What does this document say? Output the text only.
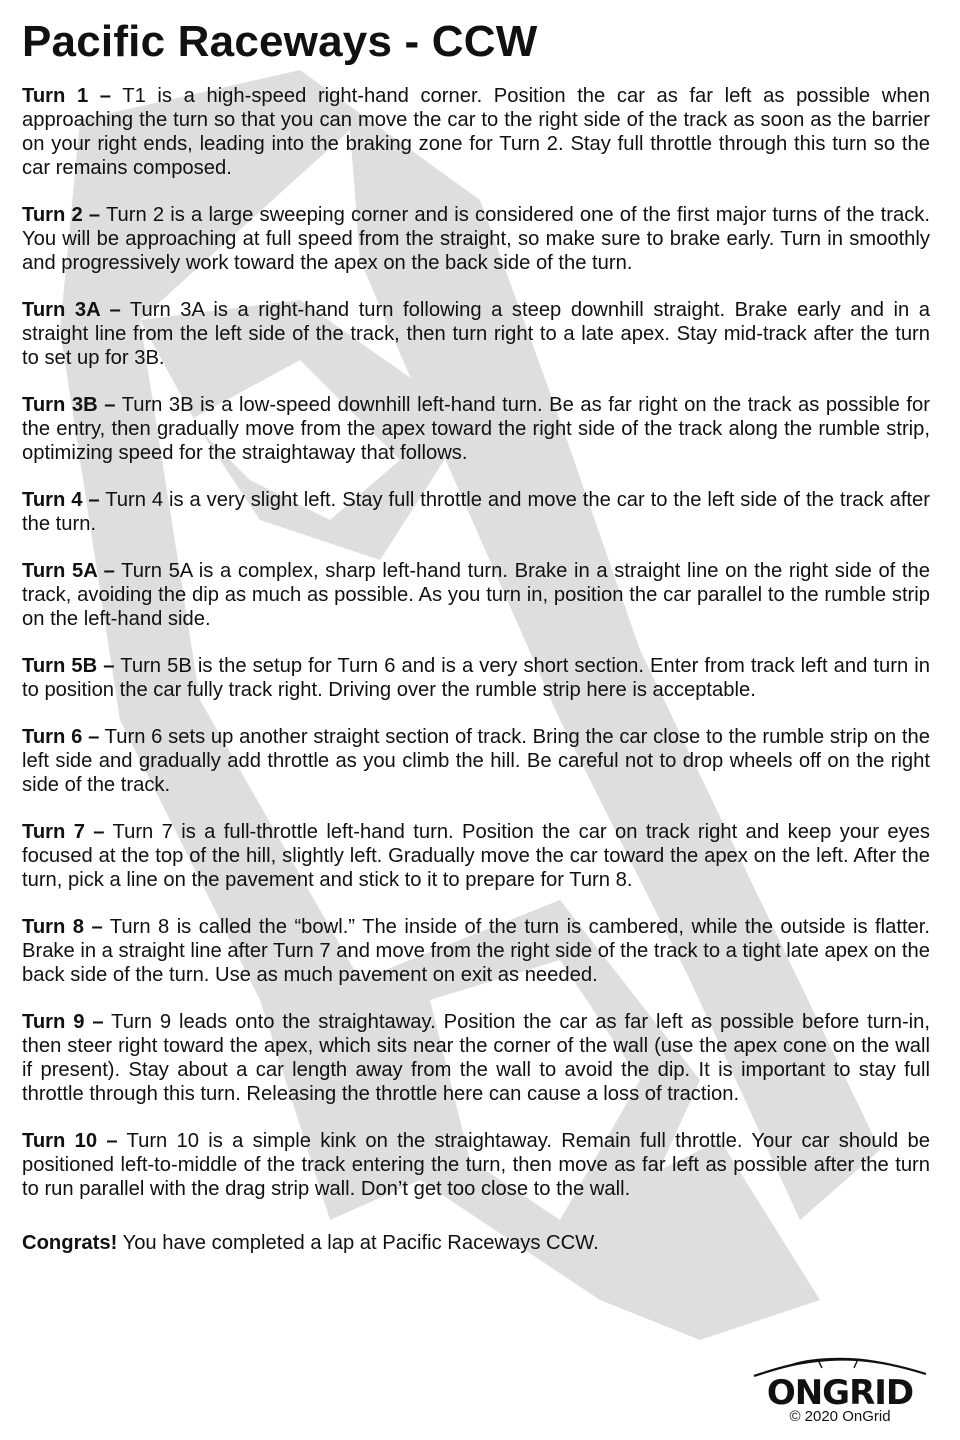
Pacific Raceways - CCW

Turn 1 – T1 is a high-speed right-hand corner. Position the car as far left as possible when approaching the turn so that you can move the car to the right side of the track as soon as the barrier on your right ends, leading into the braking zone for Turn 2. Stay full throttle through this turn so the car remains composed.

Turn 2 – Turn 2 is a large sweeping corner and is considered one of the first major turns of the track. You will be approaching at full speed from the straight, so make sure to brake early. Turn in smoothly and progressively work toward the apex on the back side of the turn.

Turn 3A – Turn 3A is a right-hand turn following a steep downhill straight. Brake early and in a straight line from the left side of the track, then turn right to a late apex. Stay mid-track after the turn to set up for 3B.

Turn 3B – Turn 3B is a low-speed downhill left-hand turn. Be as far right on the track as possible for the entry, then gradually move from the apex toward the right side of the track along the rumble strip, optimizing speed for the straightaway that follows.

Turn 4 – Turn 4 is a very slight left. Stay full throttle and move the car to the left side of the track after the turn.

Turn 5A – Turn 5A is a complex, sharp left-hand turn. Brake in a straight line on the right side of the track, avoiding the dip as much as possible. As you turn in, position the car parallel to the rumble strip on the left-hand side.

Turn 5B – Turn 5B is the setup for Turn 6 and is a very short section. Enter from track left and turn in to position the car fully track right. Driving over the rumble strip here is acceptable.

Turn 6 – Turn 6 sets up another straight section of track. Bring the car close to the rumble strip on the left side and gradually add throttle as you climb the hill. Be careful not to drop wheels off on the right side of the track.

Turn 7 – Turn 7 is a full-throttle left-hand turn. Position the car on track right and keep your eyes focused at the top of the hill, slightly left. Gradually move the car toward the apex on the left. After the turn, pick a line on the pavement and stick to it to prepare for Turn 8.

Turn 8 – Turn 8 is called the “bowl.” The inside of the turn is cambered, while the outside is flatter. Brake in a straight line after Turn 7 and move from the right side of the track to a tight late apex on the back side of the turn. Use as much pavement on exit as needed.

Turn 9 – Turn 9 leads onto the straightaway. Position the car as far left as possible before turn-in, then steer right toward the apex, which sits near the corner of the wall (use the apex cone on the wall if present). Stay about a car length away from the wall to avoid the dip. It is important to stay full throttle through this turn. Releasing the throttle here can cause a loss of traction.

Turn 10 – Turn 10 is a simple kink on the straightaway. Remain full throttle. Your car should be positioned left-to-middle of the track entering the turn, then move as far left as possible after the turn to run parallel with the drag strip wall. Don’t get too close to the wall.

Congrats! You have completed a lap at Pacific Raceways CCW.

ONGRID
© 2020 OnGrid
